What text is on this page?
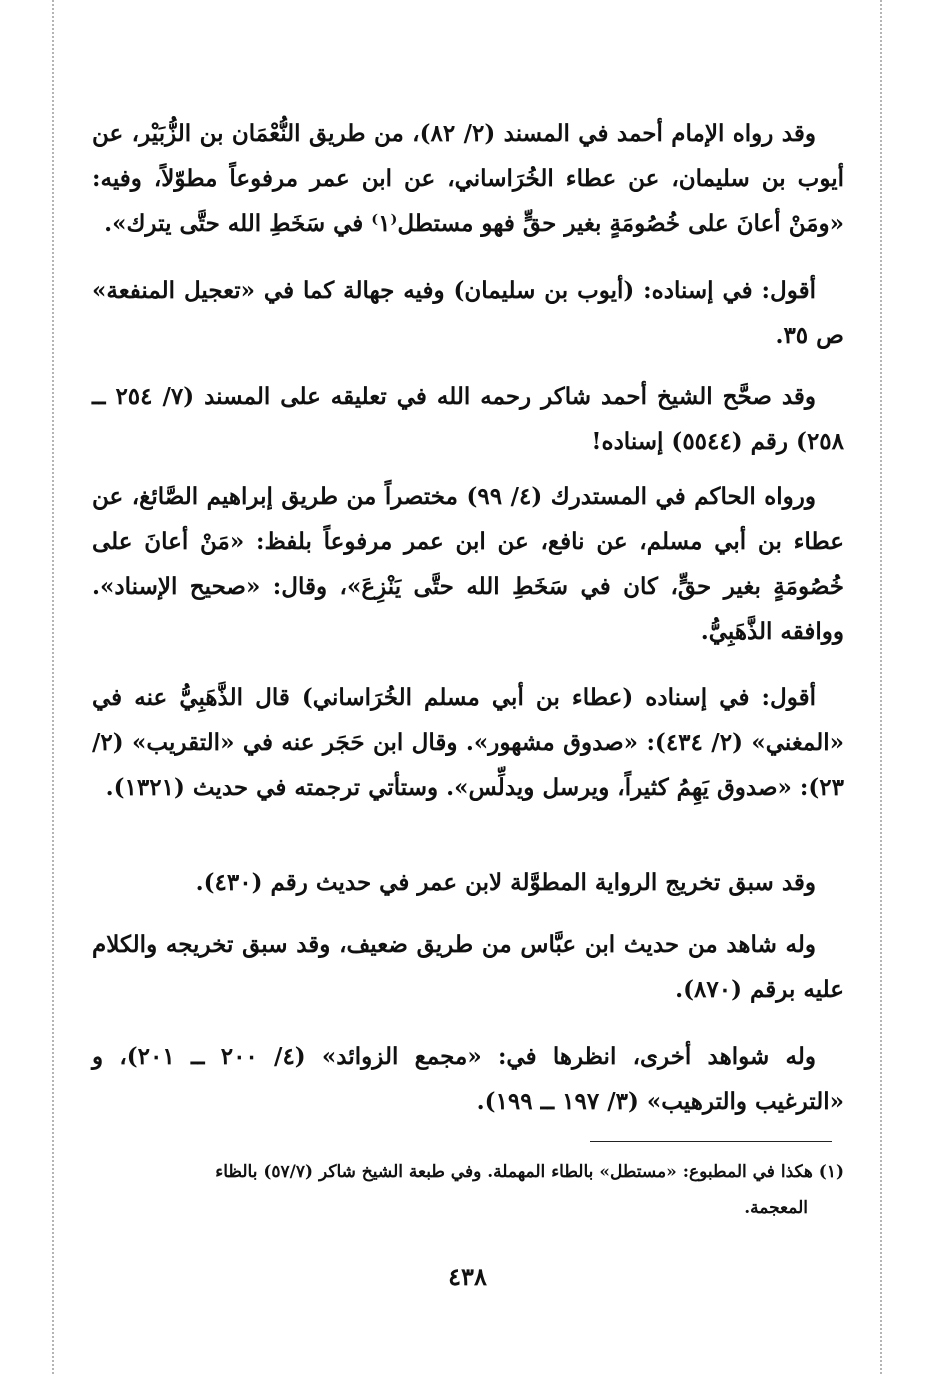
وقد رواه الإمام أحمد في المسند (٢/ ٨٢)، من طريق النُّعْمَان بن الزُّبَيْر، عن أيوب بن سليمان، عن عطاء الخُرَاساني، عن ابن عمر مرفوعاً مطوّلاً، وفيه: «ومَنْ أعانَ على خُصُومَةٍ بغير حقٍّ فهو مستطل⁽١⁾ في سَخَطِ الله حتَّى يترك».

أقول: في إسناده: (أيوب بن سليمان) وفيه جهالة كما في «تعجيل المنفعة» ص ٣٥.

وقد صحَّح الشيخ أحمد شاكر رحمه الله في تعليقه على المسند (٧/ ٢٥٤ ــ ٢٥٨) رقم (٥٥٤٤) إسناده!

ورواه الحاكم في المستدرك (٤/ ٩٩) مختصراً من طريق إبراهيم الصَّائغ، عن عطاء بن أبي مسلم، عن نافع، عن ابن عمر مرفوعاً بلفظ: «مَنْ أعانَ على خُصُومَةٍ بغير حقٍّ، كان في سَخَطِ الله حتَّى يَنْزِعَ»، وقال: «صحيح الإسناد». ووافقه الذَّهَبِيُّ.

أقول: في إسناده (عطاء بن أبي مسلم الخُرَاساني) قال الذَّهَبِيُّ عنه في «المغني» (٢/ ٤٣٤): «صدوق مشهور». وقال ابن حَجَر عنه في «التقريب» (٢/ ٢٣): «صدوق يَهِمُ كثيراً، ويرسل ويدلِّس». وستأتي ترجمته في حديث (١٣٢١).

وقد سبق تخريج الرواية المطوَّلة لابن عمر في حديث رقم (٤٣٠).

وله شاهد من حديث ابن عبَّاس من طريق ضعيف، وقد سبق تخريجه والكلام عليه برقم (٨٧٠).

وله شواهد أخرى، انظرها في: «مجمع الزوائد» (٤/ ٢٠٠ ــ ٢٠١)، و «الترغيب والترهيب» (٣/ ١٩٧ ــ ١٩٩).

(١) هكذا في المطبوع: «مستطل» بالطاء المهملة. وفي طبعة الشيخ شاكر (٥٧/٧) بالظاء
المعجمة.
٤٣٨
